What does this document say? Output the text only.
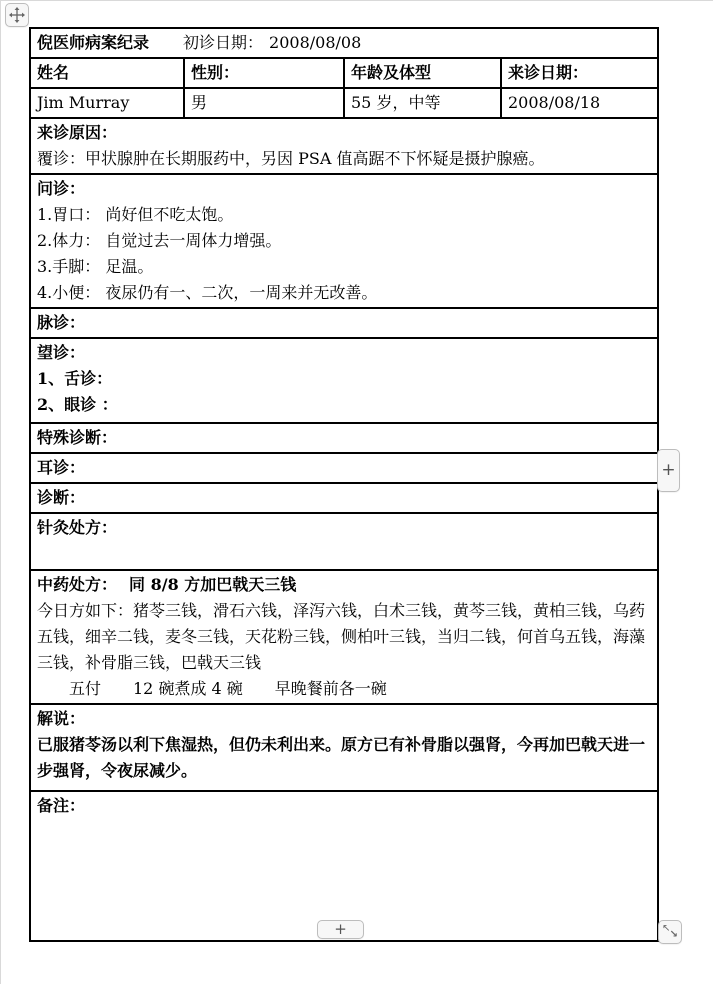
倪医师病案纪录 初诊日期： 2008/08/08			
姓名	性别：	年龄及体型	来诊日期：
Jim Murray	男	55 岁，中等	2008/08/18

来诊原因：
覆诊：甲状腺肿在长期服药中，另因 PSA 值高踞不下怀疑是摄护腺癌。			

问诊：
1.胃口： 尚好但不吃太饱。
2.体力： 自觉过去一周体力增强。
3.手脚： 足温。
4.小便： 夜尿仍有一、二次，一周来并无改善。			

脉诊：			

望诊：
1、舌诊：
2、眼诊 ：			

特殊诊断：			
耳诊：			
诊断：			
针灸处方：			

中药处方： 同 8/8 方加巴戟天三钱
今日方如下：猪苓三钱，滑石六钱，泽泻六钱，白术三钱，黄芩三钱，黄柏三钱，乌药五钱，细辛二钱，麦冬三钱，天花粉三钱，侧柏叶三钱，当归二钱，何首乌五钱，海藻三钱，补骨脂三钱，巴戟天三钱
五付　　12 碗煮成 4 碗　　早晚餐前各一碗			

解说：
已服猪苓汤以利下焦湿热，但仍未利出来。原方已有补骨脂以强肾，今再加巴戟天进一步强肾，令夜尿减少。			

备注：			
+
+	↖
↘
